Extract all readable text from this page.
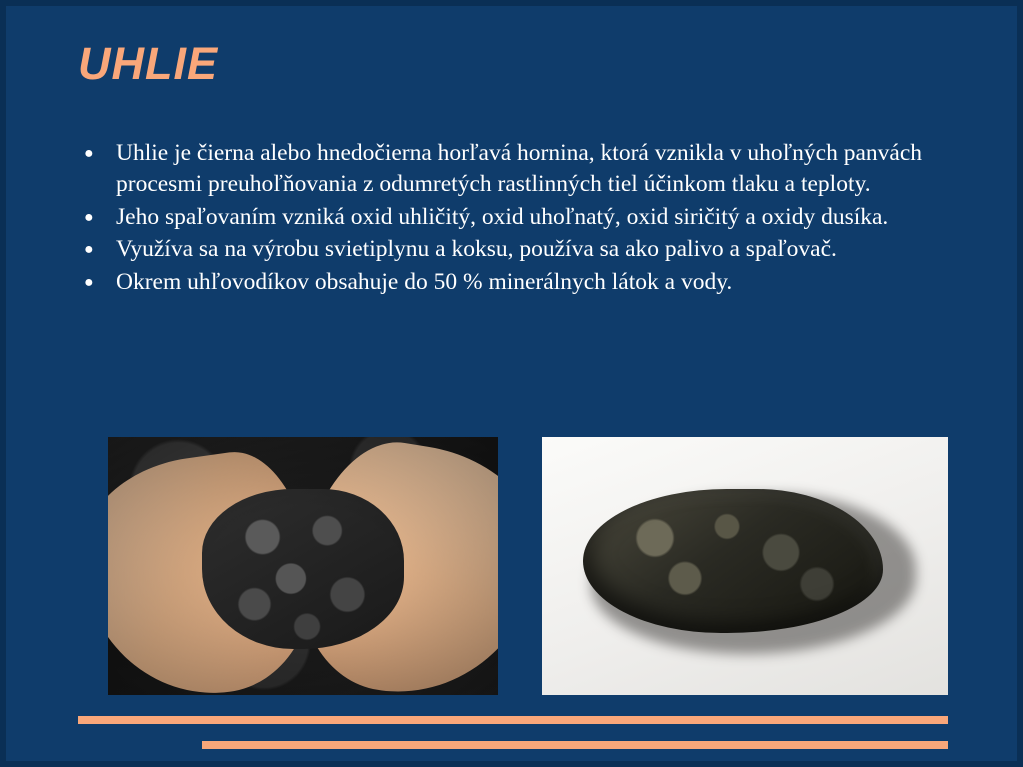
UHLIE
● Uhlie je čierna alebo hnedočierna horľavá hornina, ktorá vznikla v uhoľných panvách procesmi preuhoľňovania z odumretých rastlinných tiel účinkom tlaku a teploty.
● Jeho spaľovaním vzniká oxid uhličitý, oxid uhoľnatý, oxid siričitý a oxidy dusíka.
● Využíva sa na výrobu svietiplynu a koksu, používa sa ako palivo a spaľovač.
● Okrem uhľovodíkov obsahuje do 50 % minerálnych látok a vody.
